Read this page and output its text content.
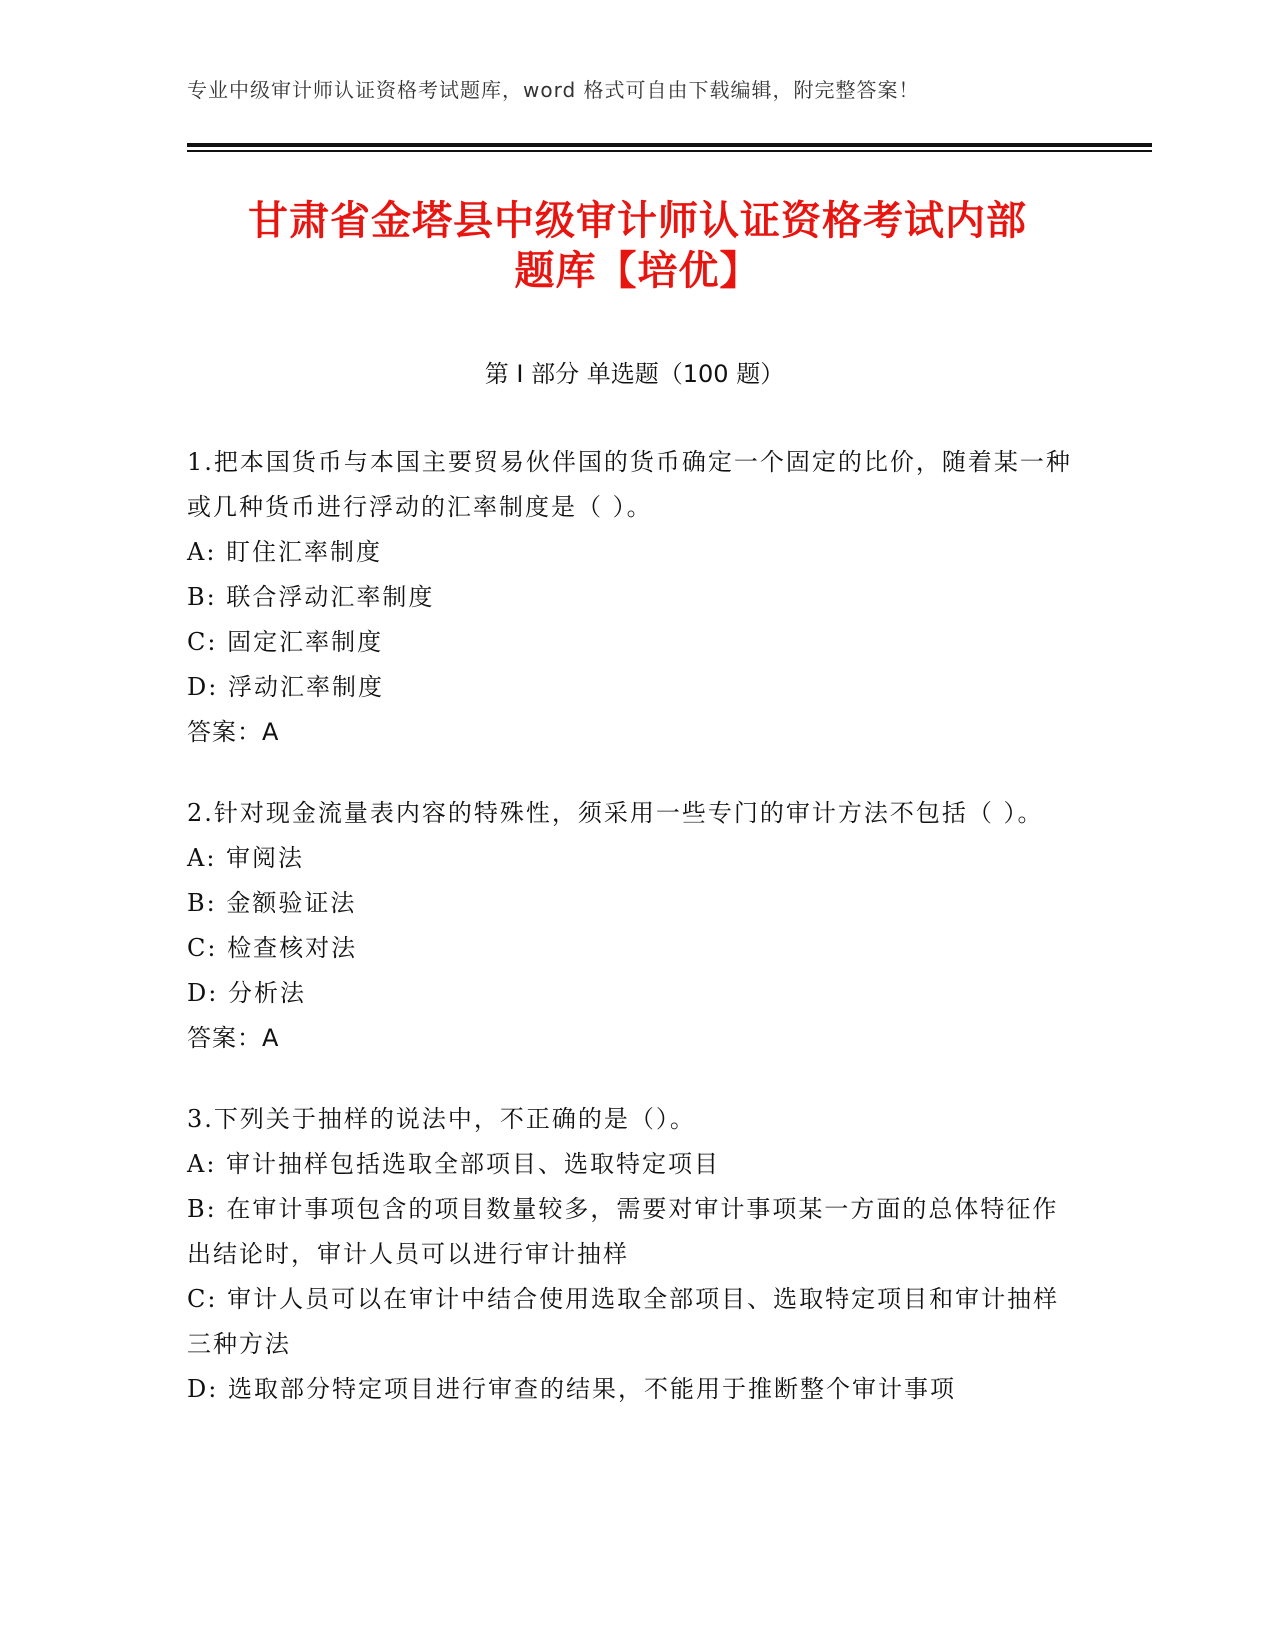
专业中级审计师认证资格考试题库，word 格式可自由下载编辑，附完整答案！
甘肃省金塔县中级审计师认证资格考试内部
题库【培优】
第 I 部分 单选题（100 题）
1.把本国货币与本国主要贸易伙伴国的货币确定一个固定的比价，随着某一种或几种货币进行浮动的汇率制度是（ ）。
A: 盯住汇率制度
B: 联合浮动汇率制度
C: 固定汇率制度
D: 浮动汇率制度
答案：A
2.针对现金流量表内容的特殊性，须采用一些专门的审计方法不包括（ ）。
A: 审阅法
B: 金额验证法
C: 检查核对法
D: 分析法
答案：A
3.下列关于抽样的说法中，不正确的是（）。
A: 审计抽样包括选取全部项目、选取特定项目
B: 在审计事项包含的项目数量较多，需要对审计事项某一方面的总体特征作出结论时，审计人员可以进行审计抽样
C: 审计人员可以在审计中结合使用选取全部项目、选取特定项目和审计抽样三种方法
D: 选取部分特定项目进行审查的结果，不能用于推断整个审计事项
